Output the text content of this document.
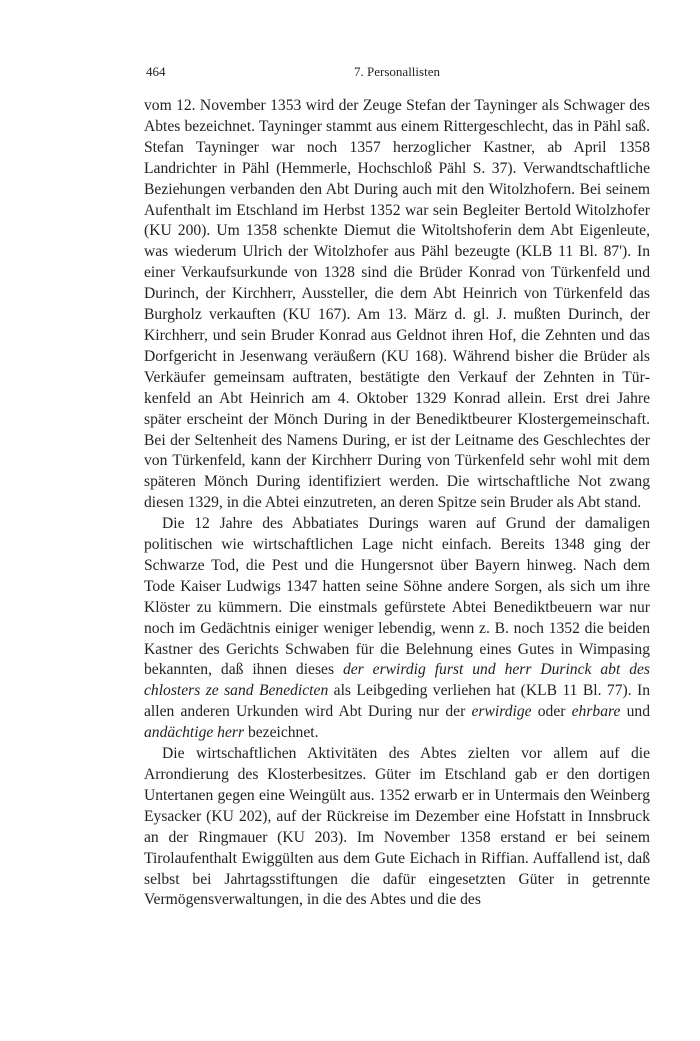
464	7. Personallisten

vom 12. November 1353 wird der Zeuge Stefan der Tayninger als Schwager des Abtes bezeichnet. Tayninger stammt aus einem Rittergeschlecht, das in Pähl saß. Stefan Tayninger war noch 1357 herzoglicher Kastner, ab April 1358 Landrichter in Pähl (Hemmerle, Hochschloß Pähl S. 37). Verwandtschaftliche Beziehungen verbanden den Abt During auch mit den Witolzhofern. Bei seinem Aufenthalt im Etschland im Herbst 1352 war sein Begleiter Bertold Witolzhofer (KU 200). Um 1358 schenkte Diemut die Witoltshoferin dem Abt Eigenleute, was wiederum Ulrich der Witolzhofer aus Pähl bezeugte (KLB 11 Bl. 87'). In einer Verkaufsurkunde von 1328 sind die Brüder Konrad von Türkenfeld und Durinch, der Kirchherr, Aussteller, die dem Abt Heinrich von Türkenfeld das Burgholz verkauften (KU 167). Am 13. März d. gl. J. mußten Durinch, der Kirchherr, und sein Bruder Konrad aus Geldnot ihren Hof, die Zehnten und das Dorfgericht in Jesenwang veräußern (KU 168). Während bisher die Brüder als Verkäufer gemeinsam auftraten, bestätigte den Verkauf der Zehnten in Türkenfeld an Abt Heinrich am 4. Oktober 1329 Konrad allein. Erst drei Jahre später erscheint der Mönch During in der Benediktbeurer Klostergemeinschaft. Bei der Seltenheit des Namens During, er ist der Leitname des Geschlechtes der von Türkenfeld, kann der Kirchherr During von Türkenfeld sehr wohl mit dem späteren Mönch During identifiziert werden. Die wirtschaftliche Not zwang diesen 1329, in die Abtei einzutreten, an deren Spitze sein Bruder als Abt stand.

Die 12 Jahre des Abbatiates Durings waren auf Grund der damaligen politischen wie wirtschaftlichen Lage nicht einfach. Bereits 1348 ging der Schwarze Tod, die Pest und die Hungersnot über Bayern hinweg. Nach dem Tode Kaiser Ludwigs 1347 hatten seine Söhne andere Sorgen, als sich um ihre Klöster zu kümmern. Die einstmals gefürstete Abtei Benediktbeuern war nur noch im Gedächtnis einiger weniger lebendig, wenn z. B. noch 1352 die beiden Kastner des Gerichts Schwaben für die Belehnung eines Gutes in Wimpasing bekannten, daß ihnen dieses der erwirdig furst und herr Durinck abt des chlosters ze sand Benedicten als Leibgeding verliehen hat (KLB 11 Bl. 77). In allen anderen Urkunden wird Abt During nur der erwirdige oder ehrbare und andächtige herr bezeichnet.

Die wirtschaftlichen Aktivitäten des Abtes zielten vor allem auf die Arrondierung des Klosterbesitzes. Güter im Etschland gab er den dortigen Untertanen gegen eine Weingült aus. 1352 erwarb er in Untermais den Weinberg Eysacker (KU 202), auf der Rückreise im Dezember eine Hofstatt in Innsbruck an der Ringmauer (KU 203). Im November 1358 erstand er bei seinem Tirolaufenthalt Ewiggülten aus dem Gute Eichach in Riffian. Auffallend ist, daß selbst bei Jahrtagsstiftungen die dafür eingesetzten Güter in getrennte Vermögensverwaltungen, in die des Abtes und die des
